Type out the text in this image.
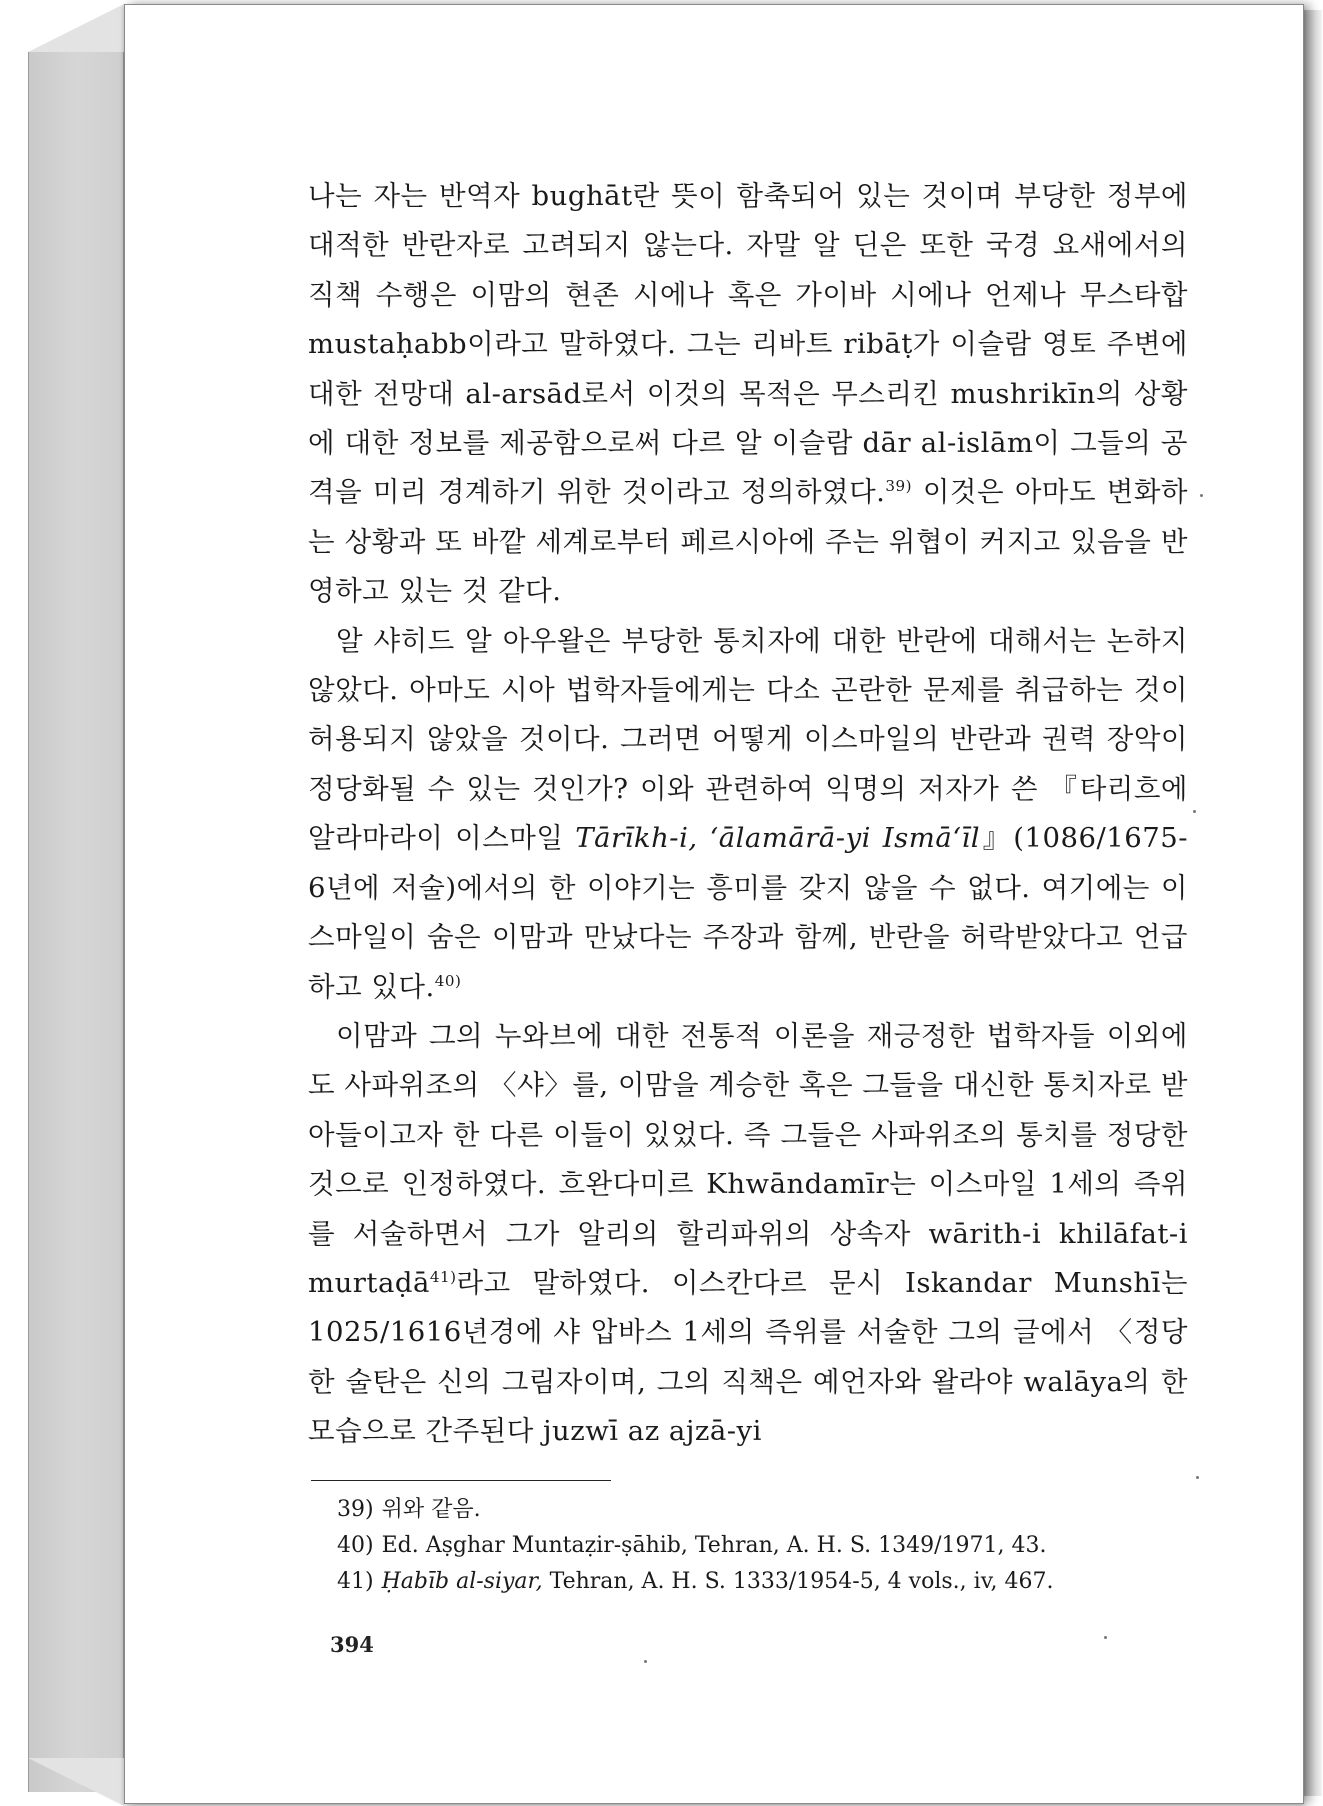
나는 자는 반역자 bughāt란 뜻이 함축되어 있는 것이며 부당한 정부에 대적한 반란자로 고려되지 않는다. 자말 알 딘은 또한 국경 요새에서의 직책 수행은 이맘의 현존 시에나 혹은 가이바 시에나 언제나 무스타합 mustaḥabb이라고 말하였다. 그는 리바트 ribāṭ가 이슬람 영토 주변에 대한 전망대 al-arsād로서 이것의 목적은 무스리킨 mushrikīn의 상황에 대한 정보를 제공함으로써 다르 알 이슬람 dār al-islām이 그들의 공격을 미리 경계하기 위한 것이라고 정의하였다.$^{39)}$ 이것은 아마도 변화하는 상황과 또 바깥 세계로부터 페르시아에 주는 위협이 커지고 있음을 반영하고 있는 것 같다.

알 샤히드 알 아우왈은 부당한 통치자에 대한 반란에 대해서는 논하지 않았다. 아마도 시아 법학자들에게는 다소 곤란한 문제를 취급하는 것이 허용되지 않았을 것이다. 그러면 어떻게 이스마일의 반란과 권력 장악이 정당화될 수 있는 것인가? 이와 관련하여 익명의 저자가 쓴 『타리흐에 알라마라이 이스마일 Tārīkh-i, ʻālamārā-yi Ismāʻīl』(1086/1675-6년에 저술)에서의 한 이야기는 흥미를 갖지 않을 수 없다. 여기에는 이스마일이 숨은 이맘과 만났다는 주장과 함께, 반란을 허락받았다고 언급하고 있다.$^{40)}$

이맘과 그의 누와브에 대한 전통적 이론을 재긍정한 법학자들 이외에도 사파위조의 〈샤〉를, 이맘을 계승한 혹은 그들을 대신한 통치자로 받아들이고자 한 다른 이들이 있었다. 즉 그들은 사파위조의 통치를 정당한 것으로 인정하였다. 흐완다미르 Khwāndamīr는 이스마일 1세의 즉위를 서술하면서 그가 알리의 할리파위의 상속자 wārith-i khilāfat-i murtaḍā$^{41)}$라고 말하였다. 이스칸다르 문시 Iskandar Munshī는 1025/1616년경에 샤 압바스 1세의 즉위를 서술한 그의 글에서 〈정당한 술탄은 신의 그림자이며, 그의 직책은 예언자와 왈라야 walāya의 한 모습으로 간주된다 juzwī az ajzā-yi

39) 위와 같음.
40) Ed. Aṣghar Muntaẓir-ṣāhib, Tehran, A. H. S. 1349/1971, 43.
41) Ḥabīb al-siyar, Tehran, A. H. S. 1333/1954-5, 4 vols., iv, 467.
394
